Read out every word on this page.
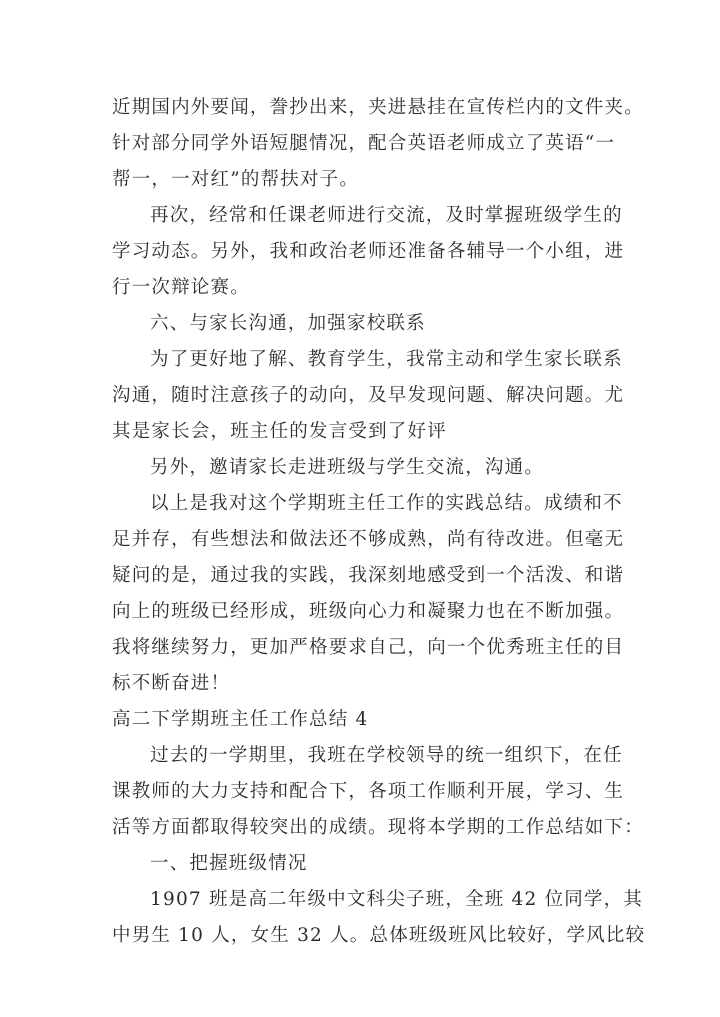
近期国内外要闻，誊抄出来，夹进悬挂在宣传栏内的文件夹。
针对部分同学外语短腿情况，配合英语老师成立了英语“一
帮一，一对红”的帮扶对子。
再次，经常和任课老师进行交流，及时掌握班级学生的
学习动态。另外，我和政治老师还准备各辅导一个小组，进
行一次辩论赛。
六、与家长沟通，加强家校联系
为了更好地了解、教育学生，我常主动和学生家长联系
沟通，随时注意孩子的动向，及早发现问题、解决问题。尤
其是家长会，班主任的发言受到了好评
另外，邀请家长走进班级与学生交流，沟通。
以上是我对这个学期班主任工作的实践总结。成绩和不
足并存，有些想法和做法还不够成熟，尚有待改进。但毫无
疑问的是，通过我的实践，我深刻地感受到一个活泼、和谐
向上的班级已经形成，班级向心力和凝聚力也在不断加强。
我将继续努力，更加严格要求自己，向一个优秀班主任的目
标不断奋进！
高二下学期班主任工作总结 4
过去的一学期里，我班在学校领导的统一组织下，在任
课教师的大力支持和配合下，各项工作顺利开展，学习、生
活等方面都取得较突出的成绩。现将本学期的工作总结如下：
一、把握班级情况
1907 班是高二年级中文科尖子班，全班 42 位同学，其
中男生 10 人，女生 32 人。总体班级班风比较好，学风比较
